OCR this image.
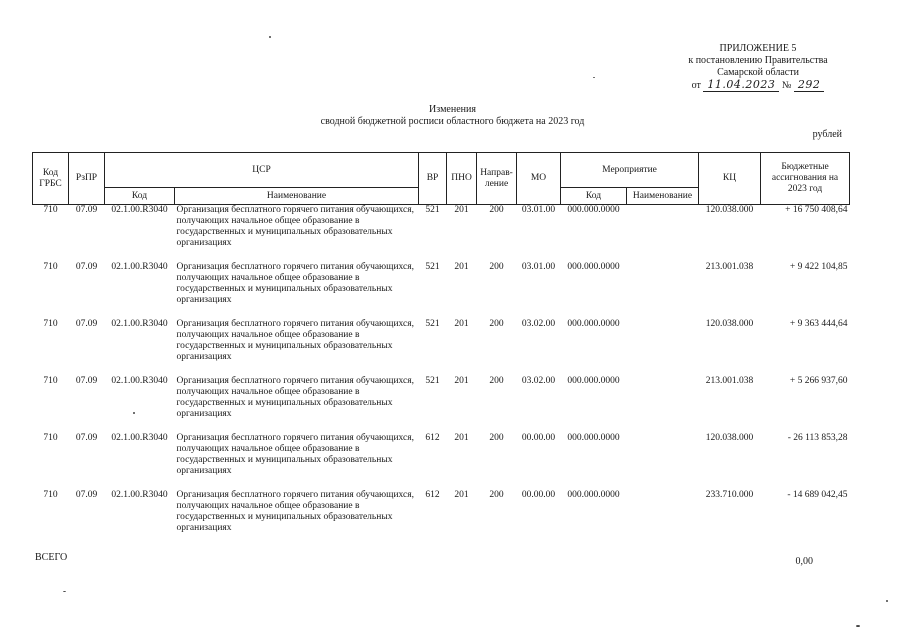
ПРИЛОЖЕНИЕ 5
к постановлению Правительства
Самарской области
от 11.04.2023 № 292
Изменения
сводной бюджетной росписи областного бюджета на 2023 год
рублей
Код ГРБС	РзПР	ЦСР		ВР	ПНО	Направ-ление	МО	Мероприятие		КЦ	Бюджетные ассигнования на 2023 год
		Код	Наименование					Код	Наименование		
710	07.09	02.1.00.R3040	Организация бесплатного горячего питания обучающихся, получающих начальное общее образование в государственных и муниципальных образовательных организациях	521	201	200	03.01.00	000.000.0000		120.038.000	+ 16 750 408,64
710	07.09	02.1.00.R3040	Организация бесплатного горячего питания обучающихся, получающих начальное общее образование в государственных и муниципальных образовательных организациях	521	201	200	03.01.00	000.000.0000		213.001.038	+ 9 422 104,85
710	07.09	02.1.00.R3040	Организация бесплатного горячего питания обучающихся, получающих начальное общее образование в государственных и муниципальных образовательных организациях	521	201	200	03.02.00	000.000.0000		120.038.000	+ 9 363 444,64
710	07.09	02.1.00.R3040	Организация бесплатного горячего питания обучающихся, получающих начальное общее образование в государственных и муниципальных образовательных организациях	521	201	200	03.02.00	000.000.0000		213.001.038	+ 5 266 937,60
710	07.09	02.1.00.R3040	Организация бесплатного горячего питания обучающихся, получающих начальное общее образование в государственных и муниципальных образовательных организациях	612	201	200	00.00.00	000.000.0000		120.038.000	- 26 113 853,28
710	07.09	02.1.00.R3040	Организация бесплатного горячего питания обучающихся, получающих начальное общее образование в государственных и муниципальных образовательных организациях	612	201	200	00.00.00	000.000.0000		233.710.000	- 14 689 042,45
ВСЕГО	0,00
